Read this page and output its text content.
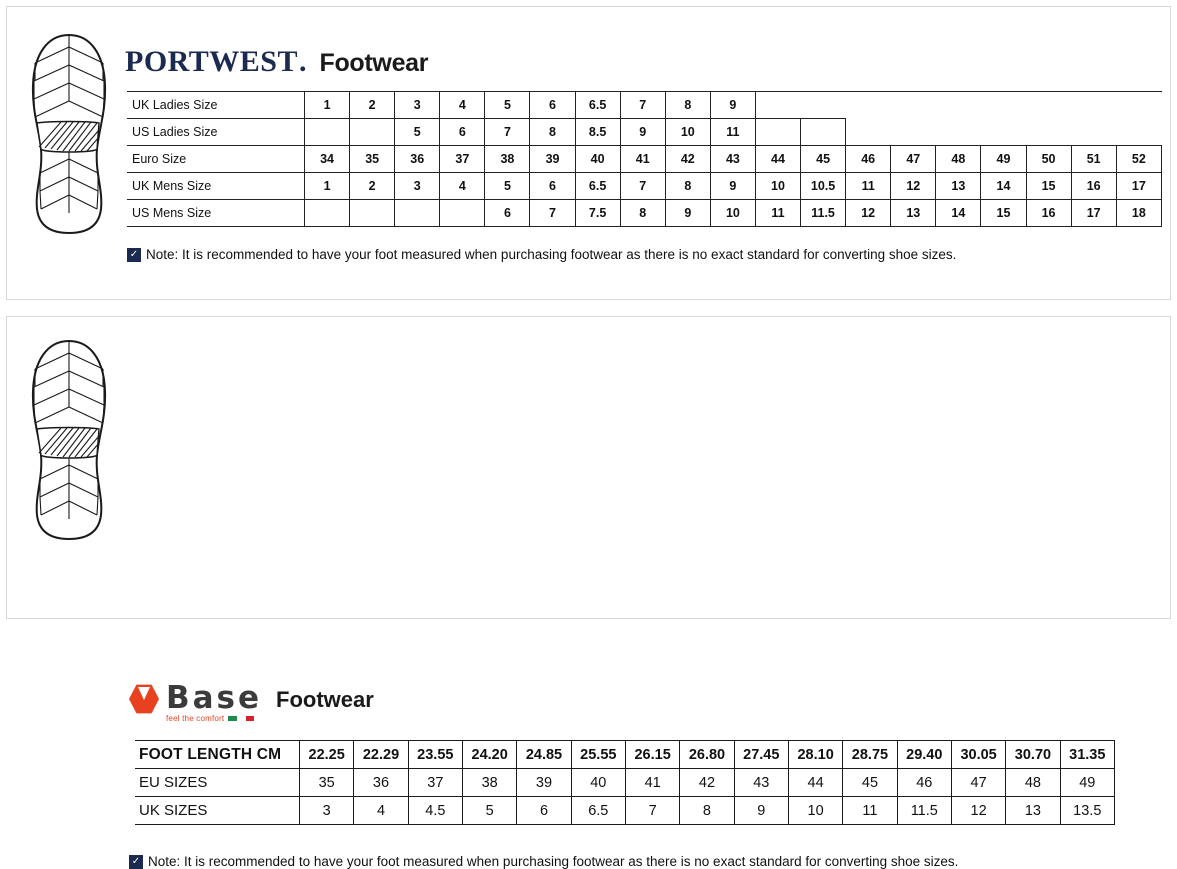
PORTWEST . Footwear
UK Ladies Size	1	2	3	4	5	6	6.5	7	8	9									
US Ladies Size			5	6	7	8	8.5	9	10	11									
Euro Size	34	35	36	37	38	39	40	41	42	43	44	45	46	47	48	49	50	51	52
UK Mens Size	1	2	3	4	5	6	6.5	7	8	9	10	10.5	11	12	13	14	15	16	17
US Mens Size					6	7	7.5	8	9	10	11	11.5	12	13	14	15	16	17	18
✓ Note: It is recommended to have your foot measured when purchasing footwear as there is no exact standard for converting shoe sizes.
Base
feel the comfort
Footwear
FOOT LENGTH CM	22.25	22.29	23.55	24.20	24.85	25.55	26.15	26.80	27.45	28.10	28.75	29.40	30.05	30.70	31.35
EU SIZES	35	36	37	38	39	40	41	42	43	44	45	46	47	48	49
UK SIZES	3	4	4.5	5	6	6.5	7	8	9	10	11	11.5	12	13	13.5
✓ Note: It is recommended to have your foot measured when purchasing footwear as there is no exact standard for converting shoe sizes.
